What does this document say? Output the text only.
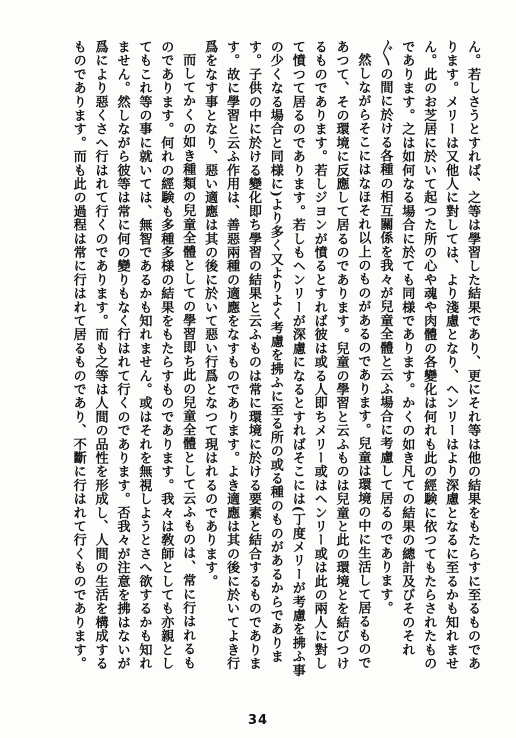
ん。若しさうとすれば、之等は學習した結果であり、更にそれ等は他の結果をもたらすに至るものであります。メリーは又他人に對しては、より淺慮となり、ヘンリーはより深慮となるに至るかも知れません。此のお芝居に於いて起つた所の心や魂や肉體の各變化は何れも此の經験に依つてもたらされたものであります。之は如何なる場合に於ても同様であります。かくの如き凡ての結果の總計及びそのそれ〴〵の間に於ける各種の相互關係を我々が兒童全體と云ふ場合に考慮して居るのであります。

然しながらそこにはなほそれ以上のものがあるのであります。兒童は環境の中に生活して居るものであつて、その環境に反應して居るのであります。兒童の學習と云ふものは兒童と此の環境とを結びつけるものであります。若しジヨンが憤るとすれば彼は或る人即ちメリー或はヘンリー或は此の兩人に對して憤つて居るのであります。若しもヘンリーが深慮になるとすればそこには(丁度メリーが考慮を拂ふ事の少くなる場合と同様に)より多く又よりよく考慮を拂ふに至る所の或る種のものがあるからであります。子供の中に於ける變化即ち學習の結果と云ふものは常に環境に於ける要素と結合するものであります。故に學習と云ふ作用は、善惡兩種の適應をなすものであります。よき適應は其の後に於いてよき行爲をなす事となり、惡い適應は其の後に於いて惡い行爲となつて現はれるのであります。

而してかくの如き種類の兒童全體としての學習即ち此の兒童全體として云ふものは、常に行はれるものであります。何れの經験も多種多様の結果をもたらすものであります。我々は敎師としても亦親としてもこれ等の事に就いては、無智であるかも知れません。或はそれを無視しようとさへ欲するかも知れません。然しながら彼等は常に何の變りもなく行はれて行くのであります。否我々が注意を拂はないが爲により惡くさへ行はれて行くのであります。而も之等は人間の品性を形成し、人間の生活を構成するものであります。而も此の過程は常に行はれて居るものであり、不斷に行はれて行くものであります。

34
